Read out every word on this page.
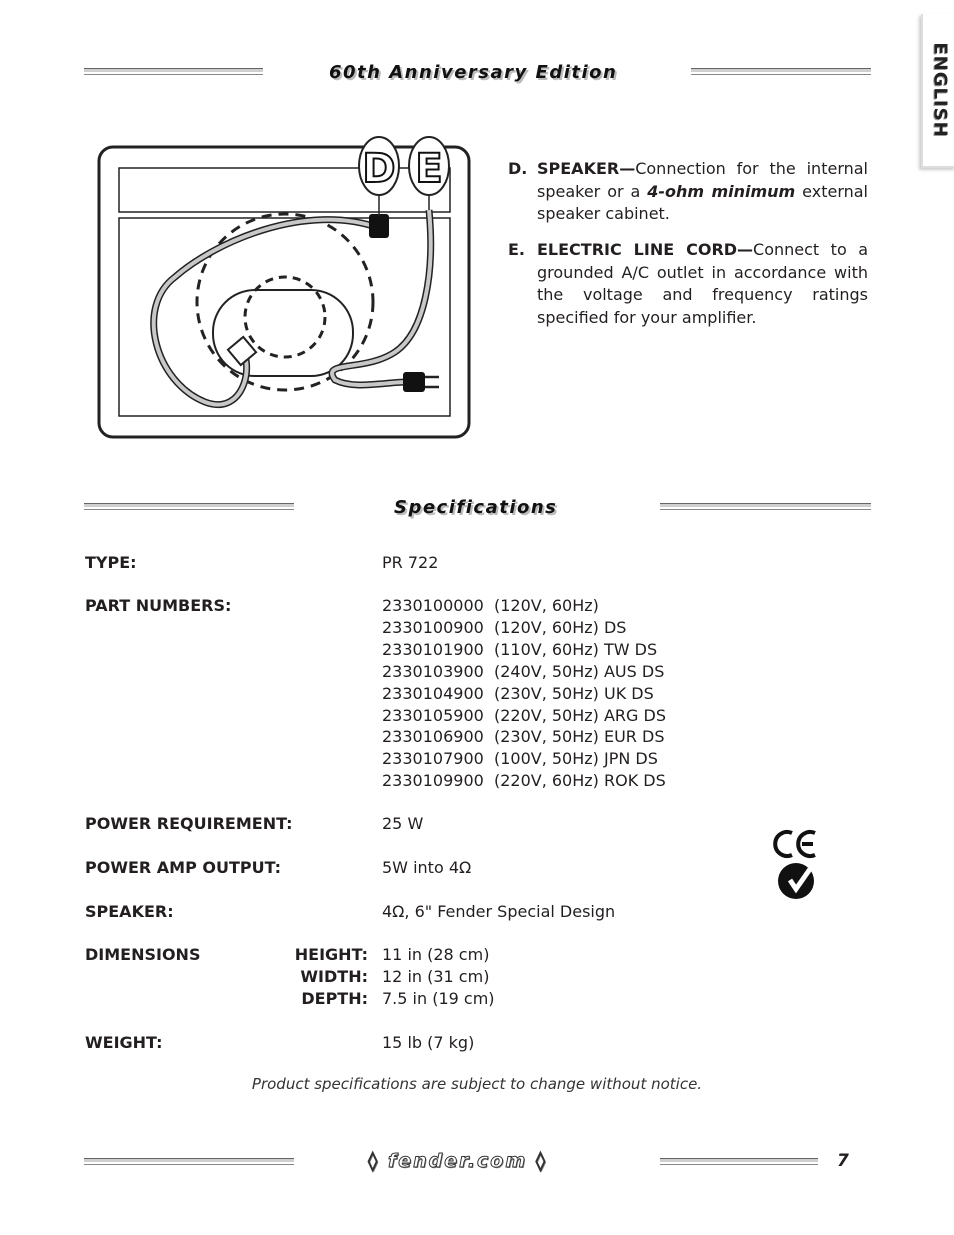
60th Anniversary Edition	ENGLISH
D E	D. SPEAKER—Connection for the internal speaker or a 4-ohm minimum external speaker cabinet.
E. ELECTRIC LINE CORD—Connect to a grounded A/C outlet in accordance with the voltage and frequency ratings specified for your amplifier.
Specifications
TYPE:	PR 722
PART NUMBERS:	2330100000  (120V, 60Hz)
2330100900  (120V, 60Hz) DS
2330101900  (110V, 60Hz) TW DS
2330103900  (240V, 50Hz) AUS DS
2330104900  (230V, 50Hz) UK DS
2330105900  (220V, 50Hz) ARG DS
2330106900  (230V, 50Hz) EUR DS
2330107900  (100V, 50Hz) JPN DS
2330109900  (220V, 60Hz) ROK DS
POWER REQUIREMENT:	25 W
POWER AMP OUTPUT:	5W into 4Ω
SPEAKER:	4Ω, 6" Fender Special Design
DIMENSIONS	HEIGHT: 11 in (28 cm)
WIDTH: 12 in (31 cm)
DEPTH: 7.5 in (19 cm)
WEIGHT:	15 lb (7 kg)
Product specifications are subject to change without notice.
◊ fender.com ◊	7
